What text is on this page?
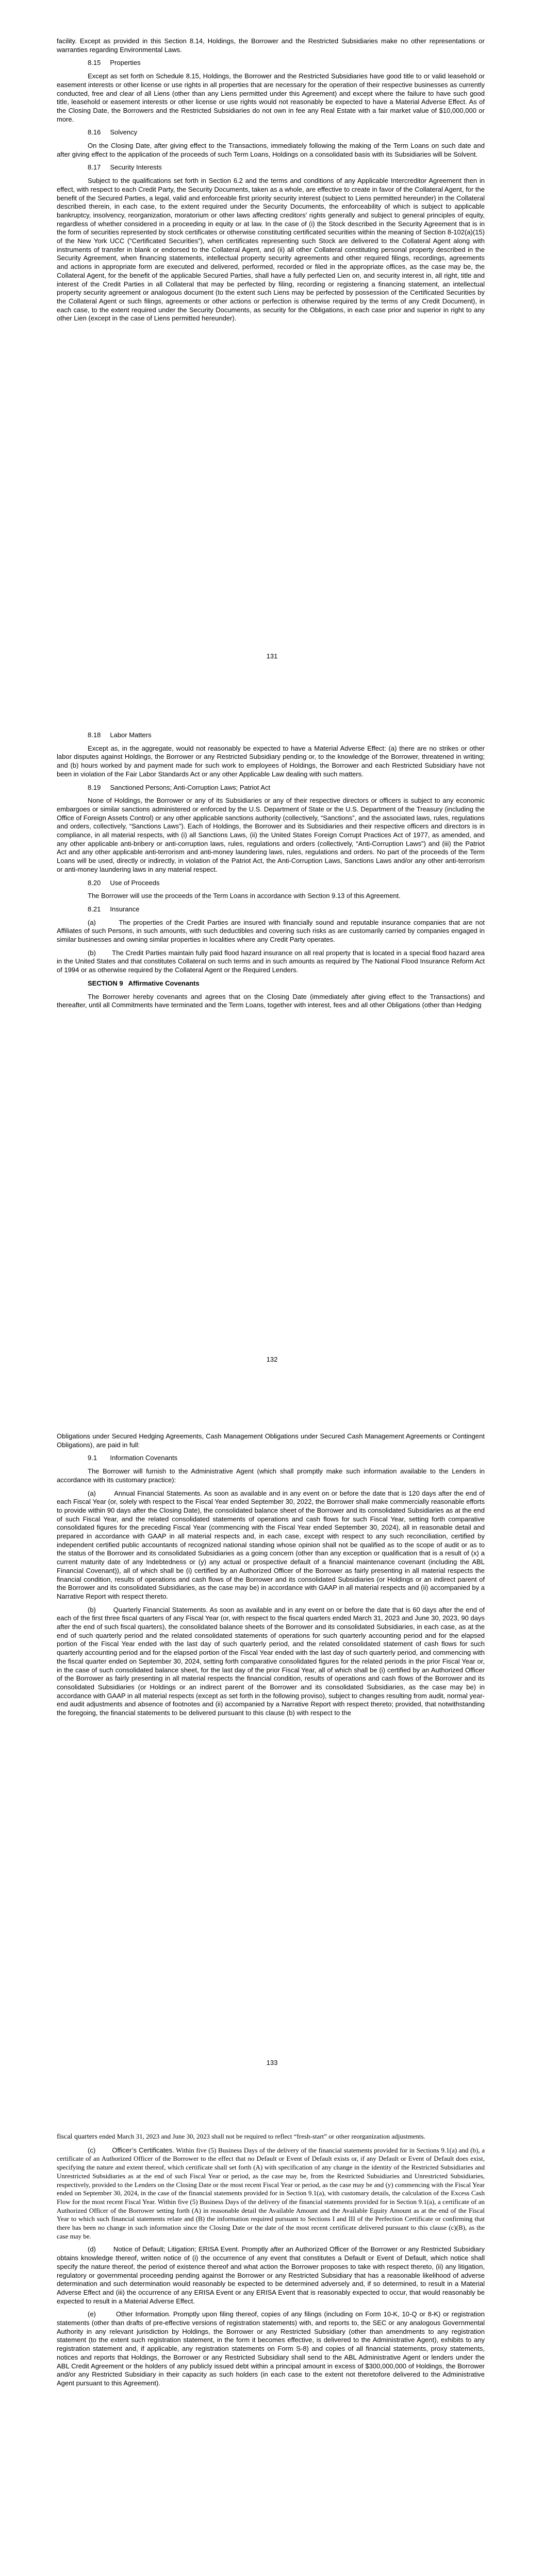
facility. Except as provided in this Section 8.14, Holdings, the Borrower and the Restricted Subsidiaries make no other representations or warranties regarding Environmental Laws.

8.15     Properties

Except as set forth on Schedule 8.15, Holdings, the Borrower and the Restricted Subsidiaries have good title to or valid leasehold or easement interests or other license or use rights in all properties that are necessary for the operation of their respective businesses as currently conducted, free and clear of all Liens (other than any Liens permitted under this Agreement) and except where the failure to have such good title, leasehold or easement interests or other license or use rights would not reasonably be expected to have a Material Adverse Effect. As of the Closing Date, the Borrowers and the Restricted Subsidiaries do not own in fee any Real Estate with a fair market value of $10,000,000 or more.

8.16     Solvency

On the Closing Date, after giving effect to the Transactions, immediately following the making of the Term Loans on such date and after giving effect to the application of the proceeds of such Term Loans, Holdings on a consolidated basis with its Subsidiaries will be Solvent.

8.17     Security Interests

Subject to the qualifications set forth in Section 6.2 and the terms and conditions of any Applicable Intercreditor Agreement then in effect, with respect to each Credit Party, the Security Documents, taken as a whole, are effective to create in favor of the Collateral Agent, for the benefit of the Secured Parties, a legal, valid and enforceable first priority security interest (subject to Liens permitted hereunder) in the Collateral described therein, in each case, to the extent required under the Security Documents, the enforceability of which is subject to applicable bankruptcy, insolvency, reorganization, moratorium or other laws affecting creditors' rights generally and subject to general principles of equity, regardless of whether considered in a proceeding in equity or at law. In the case of (i) the Stock described in the Security Agreement that is in the form of securities represented by stock certificates or otherwise constituting certificated securities within the meaning of Section 8-102(a)(15) of the New York UCC (“Certificated Securities”), when certificates representing such Stock are delivered to the Collateral Agent along with instruments of transfer in blank or endorsed to the Collateral Agent, and (ii) all other Collateral constituting personal property described in the Security Agreement, when financing statements, intellectual property security agreements and other required filings, recordings, agreements and actions in appropriate form are executed and delivered, performed, recorded or filed in the appropriate offices, as the case may be, the Collateral Agent, for the benefit of the applicable Secured Parties, shall have a fully perfected Lien on, and security interest in, all right, title and interest of the Credit Parties in all Collateral that may be perfected by filing, recording or registering a financing statement, an intellectual property security agreement or analogous document (to the extent such Liens may be perfected by possession of the Certificated Securities by the Collateral Agent or such filings, agreements or other actions or perfection is otherwise required by the terms of any Credit Document), in each case, to the extent required under the Security Documents, as security for the Obligations, in each case prior and superior in right to any other Lien (except in the case of Liens permitted hereunder).

131

8.18     Labor Matters

Except as, in the aggregate, would not reasonably be expected to have a Material Adverse Effect: (a) there are no strikes or other labor disputes against Holdings, the Borrower or any Restricted Subsidiary pending or, to the knowledge of the Borrower, threatened in writing; and (b) hours worked by and payment made for such work to employees of Holdings, the Borrower and each Restricted Subsidiary have not been in violation of the Fair Labor Standards Act or any other Applicable Law dealing with such matters.

8.19     Sanctioned Persons; Anti-Corruption Laws; Patriot Act

None of Holdings, the Borrower or any of its Subsidiaries or any of their respective directors or officers is subject to any economic embargoes or similar sanctions administered or enforced by the U.S. Department of State or the U.S. Department of the Treasury (including the Office of Foreign Assets Control) or any other applicable sanctions authority (collectively, “Sanctions”, and the associated laws, rules, regulations and orders, collectively, “Sanctions Laws”). Each of Holdings, the Borrower and its Subsidiaries and their respective officers and directors is in compliance, in all material respects, with (i) all Sanctions Laws, (ii) the United States Foreign Corrupt Practices Act of 1977, as amended, and any other applicable anti-bribery or anti-corruption laws, rules, regulations and orders (collectively, “Anti-Corruption Laws”) and (iii) the Patriot Act and any other applicable anti-terrorism and anti-money laundering laws, rules, regulations and orders. No part of the proceeds of the Term Loans will be used, directly or indirectly, in violation of the Patriot Act, the Anti-Corruption Laws, Sanctions Laws and/or any other anti-terrorism or anti-money laundering laws in any material respect.

8.20     Use of Proceeds

The Borrower will use the proceeds of the Term Loans in accordance with Section 9.13 of this Agreement.

8.21     Insurance

(a)        The properties of the Credit Parties are insured with financially sound and reputable insurance companies that are not Affiliates of such Persons, in such amounts, with such deductibles and covering such risks as are customarily carried by companies engaged in similar businesses and owning similar properties in localities where any Credit Party operates.

(b)        The Credit Parties maintain fully paid flood hazard insurance on all real property that is located in a special flood hazard area in the United States and that constitutes Collateral on such terms and in such amounts as required by The National Flood Insurance Reform Act of 1994 or as otherwise required by the Collateral Agent or the Required Lenders.

SECTION 9 Affirmative Covenants

The Borrower hereby covenants and agrees that on the Closing Date (immediately after giving effect to the Transactions) and thereafter, until all Commitments have terminated and the Term Loans, together with interest, fees and all other Obligations (other than Hedging

132

Obligations under Secured Hedging Agreements, Cash Management Obligations under Secured Cash Management Agreements or Contingent Obligations), are paid in full:

9.1       Information Covenants

The Borrower will furnish to the Administrative Agent (which shall promptly make such information available to the Lenders in accordance with its customary practice):

(a)        Annual Financial Statements. As soon as available and in any event on or before the date that is 120 days after the end of each Fiscal Year (or, solely with respect to the Fiscal Year ended September 30, 2022, the Borrower shall make commercially reasonable efforts to provide within 90 days after the Closing Date), the consolidated balance sheet of the Borrower and its consolidated Subsidiaries as at the end of such Fiscal Year, and the related consolidated statements of operations and cash flows for such Fiscal Year, setting forth comparative consolidated figures for the preceding Fiscal Year (commencing with the Fiscal Year ended September 30, 2024), all in reasonable detail and prepared in accordance with GAAP in all material respects and, in each case, except with respect to any such reconciliation, certified by independent certified public accountants of recognized national standing whose opinion shall not be qualified as to the scope of audit or as to the status of the Borrower and its consolidated Subsidiaries as a going concern (other than any exception or qualification that is a result of (x) a current maturity date of any Indebtedness or (y) any actual or prospective default of a financial maintenance covenant (including the ABL Financial Covenant)), all of which shall be (i) certified by an Authorized Officer of the Borrower as fairly presenting in all material respects the financial condition, results of operations and cash flows of the Borrower and its consolidated Subsidiaries (or Holdings or an indirect parent of the Borrower and its consolidated Subsidiaries, as the case may be) in accordance with GAAP in all material respects and (ii) accompanied by a Narrative Report with respect thereto.

(b)        Quarterly Financial Statements. As soon as available and in any event on or before the date that is 60 days after the end of each of the first three fiscal quarters of any Fiscal Year (or, with respect to the fiscal quarters ended March 31, 2023 and June 30, 2023, 90 days after the end of such fiscal quarters), the consolidated balance sheets of the Borrower and its consolidated Subsidiaries, in each case, as at the end of such quarterly period and the related consolidated statements of operations for such quarterly accounting period and for the elapsed portion of the Fiscal Year ended with the last day of such quarterly period, and the related consolidated statement of cash flows for such quarterly accounting period and for the elapsed portion of the Fiscal Year ended with the last day of such quarterly period, and commencing with the fiscal quarter ended on September 30, 2024, setting forth comparative consolidated figures for the related periods in the prior Fiscal Year or, in the case of such consolidated balance sheet, for the last day of the prior Fiscal Year, all of which shall be (i) certified by an Authorized Officer of the Borrower as fairly presenting in all material respects the financial condition, results of operations and cash flows of the Borrower and its consolidated Subsidiaries (or Holdings or an indirect parent of the Borrower and its consolidated Subsidiaries, as the case may be) in accordance with GAAP in all material respects (except as set forth in the following proviso), subject to changes resulting from audit, normal year-end audit adjustments and absence of footnotes and (ii) accompanied by a Narrative Report with respect thereto; provided, that notwithstanding the foregoing, the financial statements to be delivered pursuant to this clause (b) with respect to the

133

fiscal quarters ended March 31, 2023 and June 30, 2023 shall not be required to reflect “fresh-start” or other reorganization adjustments.

(c)        Officer’s Certificates. Within five (5) Business Days of the delivery of the financial statements provided for in Sections 9.1(a) and (b), a certificate of an Authorized Officer of the Borrower to the effect that no Default or Event of Default exists or, if any Default or Event of Default does exist, specifying the nature and extent thereof, which certificate shall set forth (A) with specification of any change in the identity of the Restricted Subsidiaries and Unrestricted Subsidiaries as at the end of such Fiscal Year or period, as the case may be, from the Restricted Subsidiaries and Unrestricted Subsidiaries, respectively, provided to the Lenders on the Closing Date or the most recent Fiscal Year or period, as the case may be and (y) commencing with the Fiscal Year ended on September 30, 2024, in the case of the financial statements provided for in Section 9.1(a), with customary details, the calculation of the Excess Cash Flow for the most recent Fiscal Year. Within five (5) Business Days of the delivery of the financial statements provided for in Section 9.1(a), a certificate of an Authorized Officer of the Borrower setting forth (A) in reasonable detail the Available Amount and the Available Equity Amount as at the end of the Fiscal Year to which such financial statements relate and (B) the information required pursuant to Sections I and III of the Perfection Certificate or confirming that there has been no change in such information since the Closing Date or the date of the most recent certificate delivered pursuant to this clause (c)(B), as the case may be.

(d)        Notice of Default; Litigation; ERISA Event. Promptly after an Authorized Officer of the Borrower or any Restricted Subsidiary obtains knowledge thereof, written notice of (i) the occurrence of any event that constitutes a Default or Event of Default, which notice shall specify the nature thereof, the period of existence thereof and what action the Borrower proposes to take with respect thereto, (ii) any litigation, regulatory or governmental proceeding pending against the Borrower or any Restricted Subsidiary that has a reasonable likelihood of adverse determination and such determination would reasonably be expected to be determined adversely and, if so determined, to result in a Material Adverse Effect and (iii) the occurrence of any ERISA Event or any ERISA Event that is reasonably expected to occur, that would reasonably be expected to result in a Material Adverse Effect.

(e)        Other Information. Promptly upon filing thereof, copies of any filings (including on Form 10-K, 10-Q or 8-K) or registration statements (other than drafts of pre-effective versions of registration statements) with, and reports to, the SEC or any analogous Governmental Authority in any relevant jurisdiction by Holdings, the Borrower or any Restricted Subsidiary (other than amendments to any registration statement (to the extent such registration statement, in the form it becomes effective, is delivered to the Administrative Agent), exhibits to any registration statement and, if applicable, any registration statements on Form S-8) and copies of all financial statements, proxy statements, notices and reports that Holdings, the Borrower or any Restricted Subsidiary shall send to the ABL Administrative Agent or lenders under the ABL Credit Agreement or the holders of any publicly issued debt within a principal amount in excess of $300,000,000 of Holdings, the Borrower and/or any Restricted Subsidiary in their capacity as such holders (in each case to the extent not theretofore delivered to the Administrative Agent pursuant to this Agreement).
